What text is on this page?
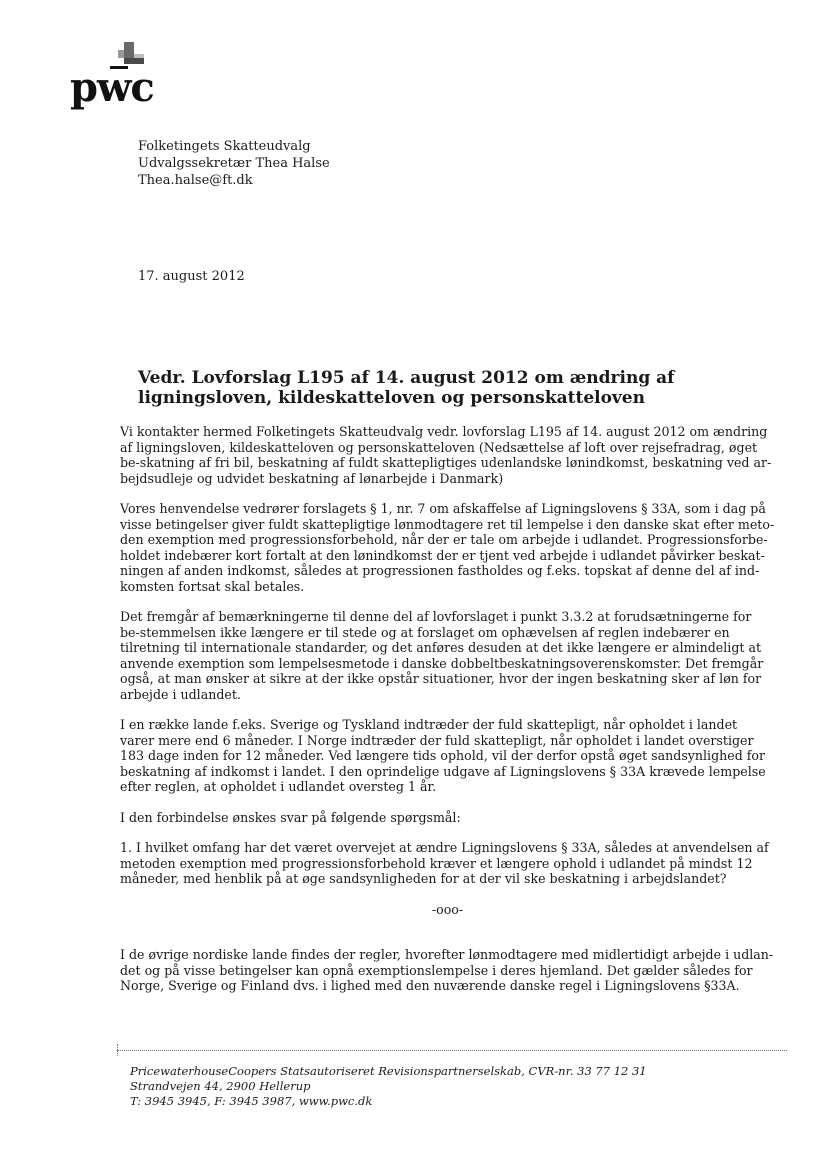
pwc
Folketingets Skatteudvalg
Udvalgssekretær Thea Halse
Thea.halse@ft.dk
17. august 2012
Vedr. Lovforslag L195 af 14. august 2012 om ændring af ligningsloven, kildeskatteloven og personskatteloven

Vi kontakter hermed Folketingets Skatteudvalg vedr. lovforslag L195 af 14. august 2012 om ændring af ligningsloven, kildeskatteloven og personskatteloven (Nedsættelse af loft over rejsefradrag, øget be-skatning af fri bil, beskatning af fuldt skattepligtiges udenlandske lønindkomst, beskatning ved ar-bejdsudleje og udvidet beskatning af lønarbejde i Danmark)

Vores henvendelse vedrører forslagets § 1, nr. 7 om afskaffelse af Ligningslovens § 33A, som i dag på visse betingelser giver fuldt skattepligtige lønmodtagere ret til lempelse i den danske skat efter meto-den exemption med progressionsforbehold, når der er tale om arbejde i udlandet. Progressionsforbe-holdet indebærer kort fortalt at den lønindkomst der er tjent ved arbejde i udlandet påvirker beskat-ningen af anden indkomst, således at progressionen fastholdes og f.eks. topskat af denne del af ind-komsten fortsat skal betales.

Det fremgår af bemærkningerne til denne del af lovforslaget i punkt 3.3.2 at forudsætningerne for be-stemmelsen ikke længere er til stede og at forslaget om ophævelsen af reglen indebærer en tilretning til internationale standarder, og det anføres desuden at det ikke længere er almindeligt at anvende exemption som lempelsesmetode i danske dobbeltbeskatningsoverenskomster. Det fremgår også, at man ønsker at sikre at der ikke opstår situationer, hvor der ingen beskatning sker af løn for arbejde i udlandet.

I en række lande f.eks. Sverige og Tyskland indtræder der fuld skattepligt, når opholdet i landet varer mere end 6 måneder. I Norge indtræder der fuld skattepligt, når opholdet i landet overstiger 183 dage inden for 12 måneder. Ved længere tids ophold, vil der derfor opstå øget sandsynlighed for beskatning af indkomst i landet. I den oprindelige udgave af Ligningslovens § 33A krævede lempelse efter reglen, at opholdet i udlandet oversteg 1 år.

I den forbindelse ønskes svar på følgende spørgsmål:

1. I hvilket omfang har det været overvejet at ændre Ligningslovens § 33A, således at anvendelsen af metoden exemption med progressionsforbehold kræver et længere ophold i udlandet på mindst 12 måneder, med henblik på at øge sandsynligheden for at der vil ske beskatning i arbejdslandet?

-ooo-

I de øvrige nordiske lande findes der regler, hvorefter lønmodtagere med midlertidigt arbejde i udlan-det og på visse betingelser kan opnå exemptionslempelse i deres hjemland. Det gælder således for Norge, Sverige og Finland dvs. i lighed med den nuværende danske regel i Ligningslovens §33A.

PricewaterhouseCoopers Statsautoriseret Revisionspartnerselskab, CVR-nr. 33 77 12 31
Strandvejen 44, 2900 Hellerup
T: 3945 3945, F: 3945 3987, www.pwc.dk
